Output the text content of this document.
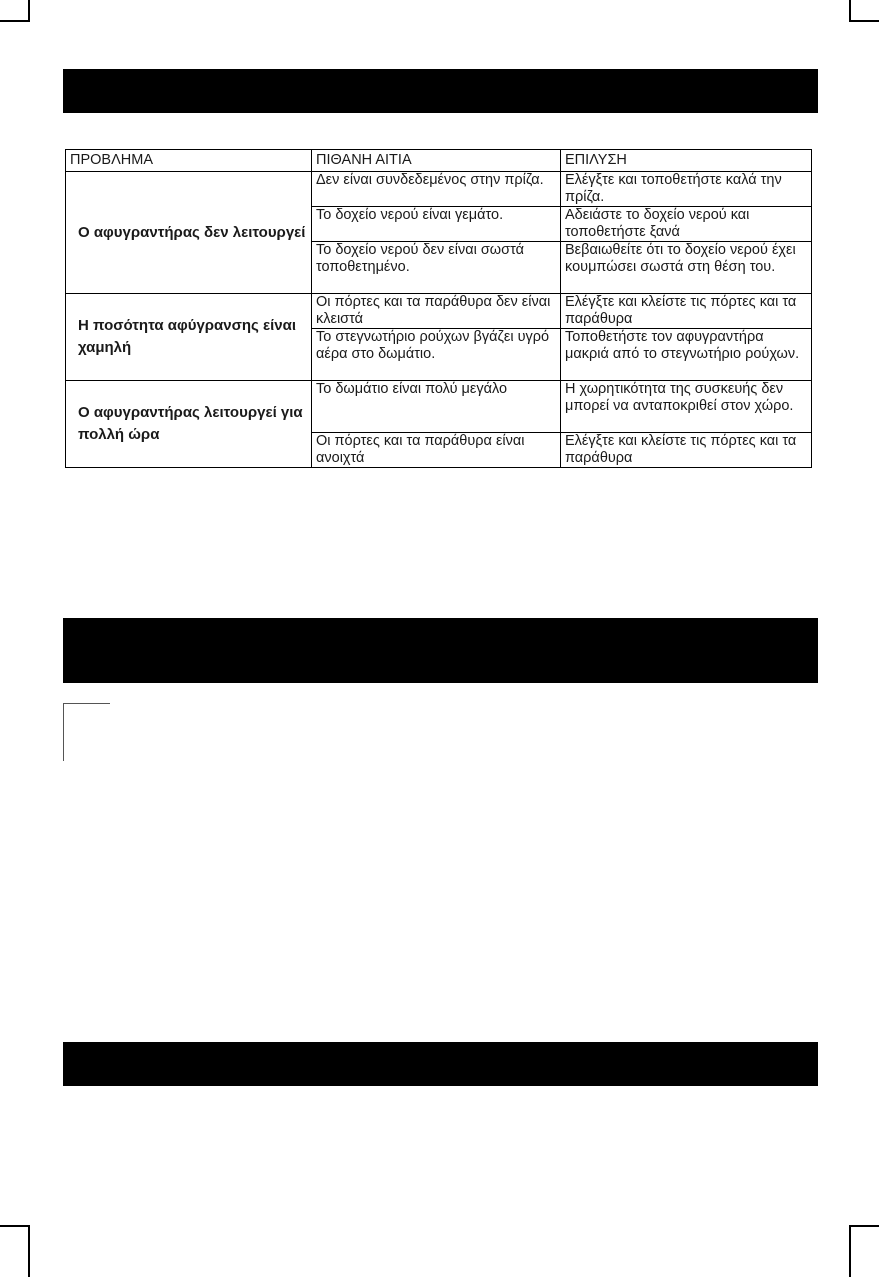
ΠΡΟΒΛΗΜΑ	ΠΙΘΑΝΗ ΑΙΤΙΑ	ΕΠΙΛΥΣΗ
Ο αφυγραντήρας δεν λειτουργεί	Δεν είναι συνδεδεμένος στην πρίζα.	Ελέγξτε και τοποθετήστε καλά την πρίζα.
	Το δοχείο νερού είναι γεμάτο.	Αδειάστε το δοχείο νερού και τοποθετήστε ξανά
	Το δοχείο νερού δεν είναι σωστά τοποθετημένο.	Βεβαιωθείτε ότι το δοχείο νερού έχει κουμπώσει σωστά στη θέση του.
Η ποσότητα αφύγρανσης είναι χαμηλή	Οι πόρτες και τα παράθυρα δεν είναι κλειστά	Ελέγξτε και κλείστε τις πόρτες και τα παράθυρα
	Το στεγνωτήριο ρούχων βγάζει υγρό αέρα στο δωμάτιο.	Τοποθετήστε τον αφυγραντήρα μακριά από το στεγνωτήριο ρούχων.
Ο αφυγραντήρας λειτουργεί για πολλή ώρα	Το δωμάτιο είναι πολύ μεγάλο	Η χωρητικότητα της συσκευής δεν μπορεί να ανταποκριθεί στον χώρο.
	Οι πόρτες και τα παράθυρα είναι ανοιχτά	Ελέγξτε και κλείστε τις πόρτες και τα παράθυρα
